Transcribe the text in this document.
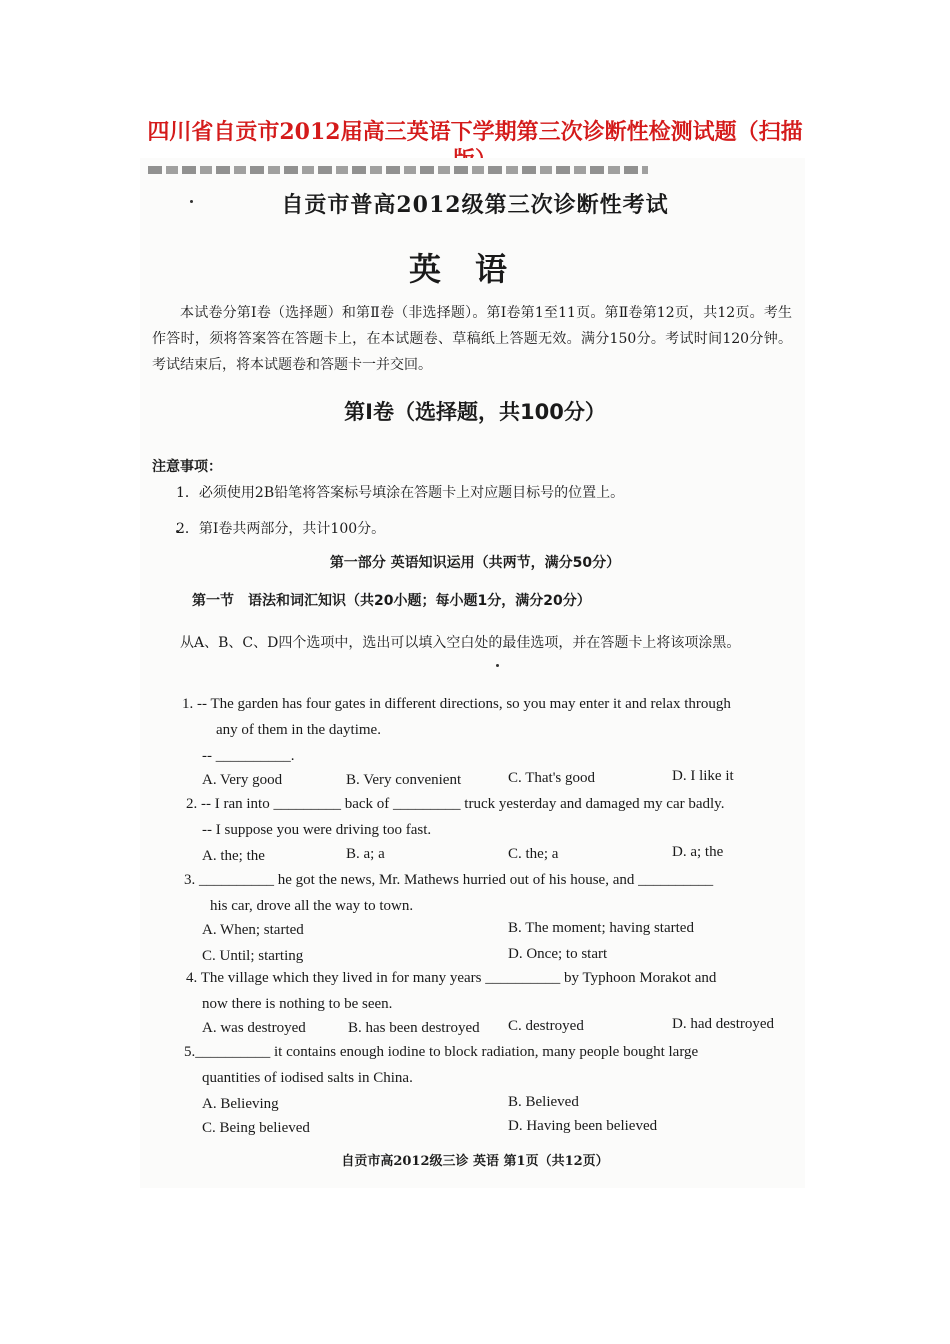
四川省自贡市2012届高三英语下学期第三次诊断性检测试题（扫描
自贡市普高2012级第三次诊断性考试
英语

本试卷分第Ⅰ卷（选择题）和第Ⅱ卷（非选择题）。第Ⅰ卷第1至11页。第Ⅱ卷第12页，共12页。考生作答时，须将答案答在答题卡上，在本试题卷、草稿纸上答题无效。满分150分。考试时间120分钟。考试结束后，将本试题卷和答题卡一并交回。

第Ⅰ卷（选择题，共100分）
注意事项：
1．必须使用2B铅笔将答案标号填涂在答题卡上对应题目标号的位置上。
2．第Ⅰ卷共两部分，共计100分。
第一部分 英语知识运用（共两节，满分50分）
第一节　语法和词汇知识（共20小题；每小题1分，满分20分）

从A、B、C、D四个选项中，选出可以填入空白处的最佳选项，并在答题卡上将该项涂黑。

1. -- The garden has four gates in different directions, so you may enter it and relax through
any of them in the daytime.
-- __________.
A. Very good	B. Very convenient	C. That's good	D. I like it
2. -- I ran into _________ back of _________ truck yesterday and damaged my car badly.
-- I suppose you were driving too fast.
A. the; the	B. a; a	C. the; a	D. a; the
3. __________ he got the news, Mr. Mathews hurried out of his house, and __________
his car, drove all the way to town.
A. When; started	B. The moment; having started
C. Until; starting	D. Once; to start
4. The village which they lived in for many years __________ by Typhoon Morakot and
now there is nothing to be seen.
A. was destroyed	B. has been destroyed C. destroyed	D. had destroyed
5.__________ it contains enough iodine to block radiation, many people bought large
quantities of iodised salts in China.
A. Believing	B. Believed
C. Being believed	D. Having been believed
自贡市高2012级三诊 英语 第1页（共12页）
